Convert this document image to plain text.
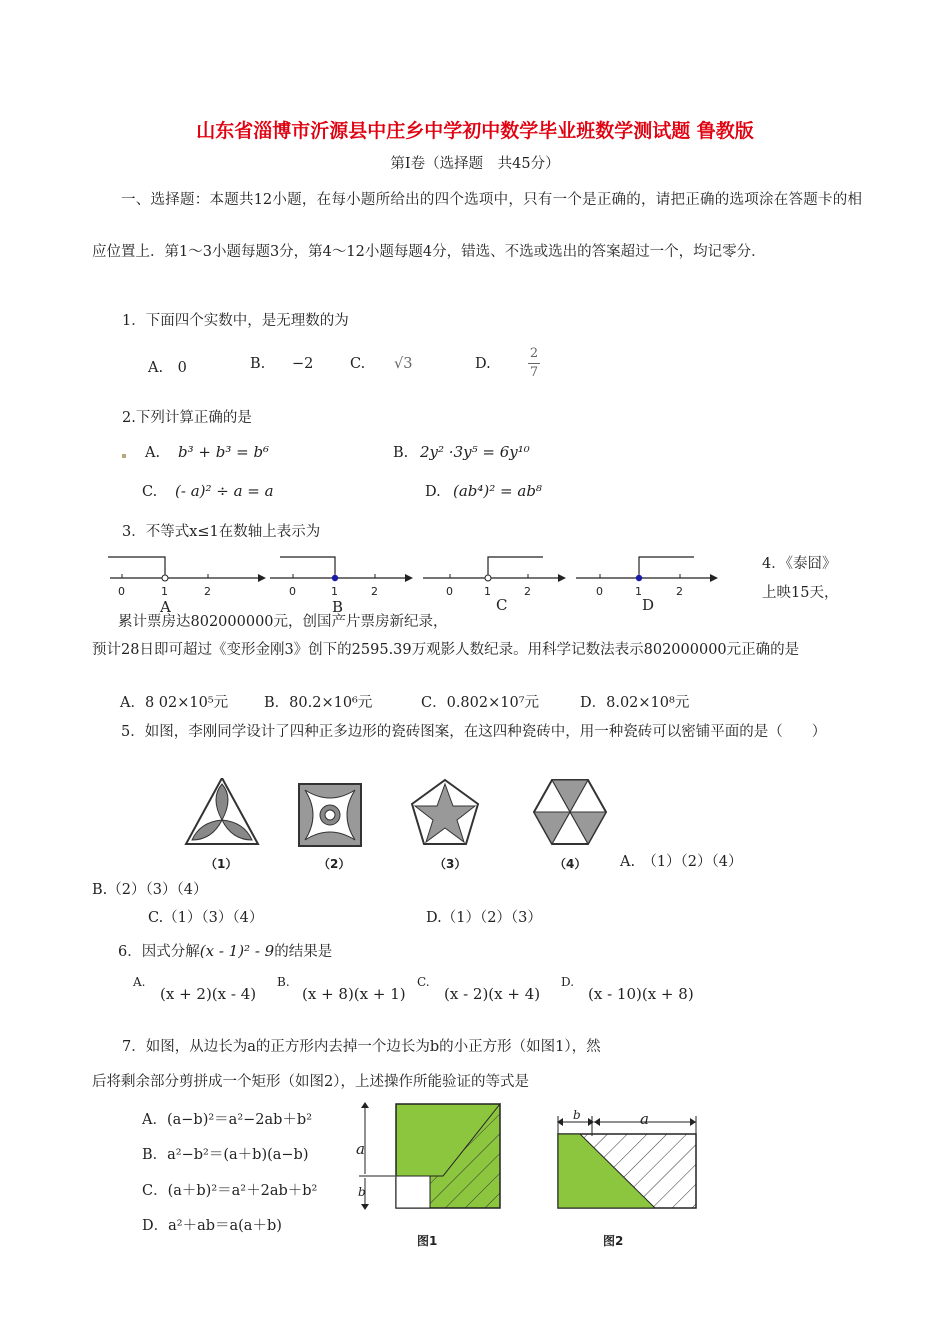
山东省淄博市沂源县中庄乡中学初中数学毕业班数学测试题 鲁教版
第Ⅰ卷（选择题　共45分）
一、选择题：本题共12小题，在每小题所给出的四个选项中，只有一个是正确的，请把正确的选项涂在答题卡的相应位置上．第1～3小题每题3分，第4～12小题每题4分，错选、不选或选出的答案超过一个，均记零分．
1．下面四个实数中，是无理数的为
A.　0	B. −2	C. √3	D.	$\frac{2}{7}$
2.下列计算正确的是
A. b³ + b³ = b⁶	B. 2y² ·3y⁵ = 6y¹⁰
C. (- a)² ÷ a = a	D. (ab⁴)² = ab⁸
3．不等式x≤1在数轴上表示为
0	1	2	0	1	2	0	1	2	0	1	2
A	B	C	D
4．《泰囧》
上映15天，
累计票房达802000000元，创国产片票房新纪录，
预计28日即可超过《变形金刚3》创下的2595.39万观影人数纪录。用科学记数法表示802000000元正确的是
A．8 02×10⁵元 B．80.2×10⁶元	C．0.802×10⁷元	D．8.02×10⁸元
5．如图，李刚同学设计了四种正多边形的瓷砖图案，在这四种瓷砖中，用一种瓷砖可以密铺平面的是（　　）
（1）	（2）	（3）	（4） A.　（1）（2）（4）
B.（2）（3）（4）
C.（1）（3）（4）	D.（1）（2）（3）
6．因式分解(x - 1)² - 9的结果是
A.
(x + 2)(x - 4)
B.
(x + 8)(x + 1)
C.
(x - 2)(x + 4)
D.
(x - 10)(x + 8)
7．如图，从边长为a的正方形内去掉一个边长为b的小正方形（如图1），然
后将剩余部分剪拼成一个矩形（如图2），上述操作所能验证的等式是
A．(a−b)²＝a²−2ab＋b²
B．a²−b²＝(a＋b)(a−b)
C．(a＋b)²＝a²＋2ab＋b²
D．a²＋ab＝a(a＋b)
a
b
图1
b	a
图2
